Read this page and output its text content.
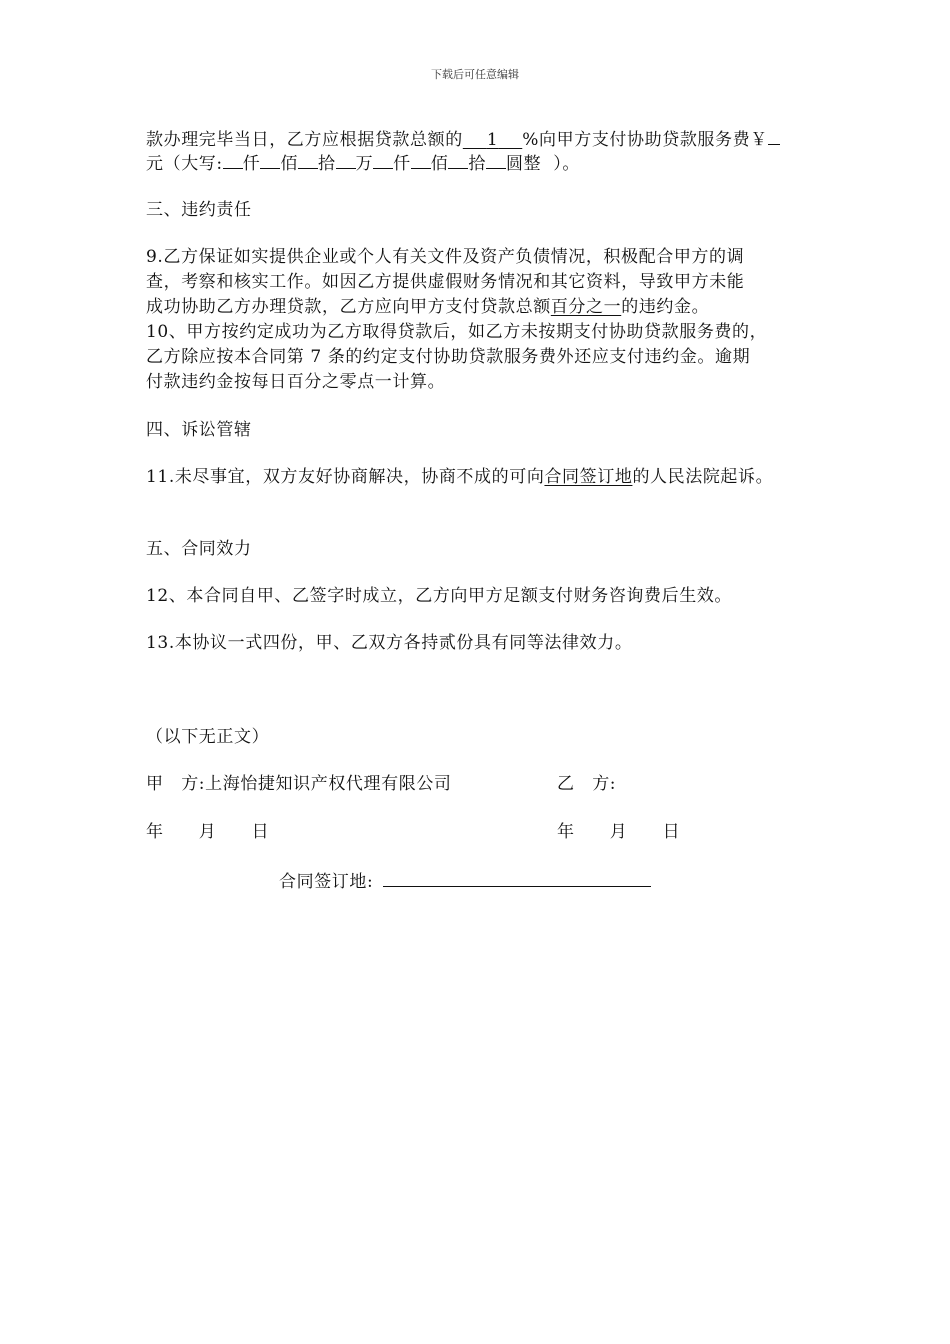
下载后可任意编辑
款办理完毕当日，乙方应根据贷款总额的 1 %向甲方支付协助贷款服务费￥
元（大写: 仟 佰 拾 万 仟 佰 拾 圆整 ）。
三、违约责任
9.乙方保证如实提供企业或个人有关文件及资产负债情况，积极配合甲方的调
查，考察和核实工作。如因乙方提供虚假财务情况和其它资料，导致甲方未能
成功协助乙方办理贷款，乙方应向甲方支付贷款总额百分之一的违约金。
10、甲方按约定成功为乙方取得贷款后，如乙方未按期支付协助贷款服务费的，
乙方除应按本合同第 7 条的约定支付协助贷款服务费外还应支付违约金。逾期
付款违约金按每日百分之零点一计算。
四、诉讼管辖
11.未尽事宜，双方友好协商解决，协商不成的可向合同签订地的人民法院起诉。
五、合同效力
12、本合同自甲、乙签字时成立，乙方向甲方足额支付财务咨询费后生效。
13.本协议一式四份，甲、乙双方各持贰份具有同等法律效力。
（以下无正文）
甲　方:上海怡捷知识产权代理有限公司	乙　方:
年　　月　　日	年　　月　　日
合同签订地:
